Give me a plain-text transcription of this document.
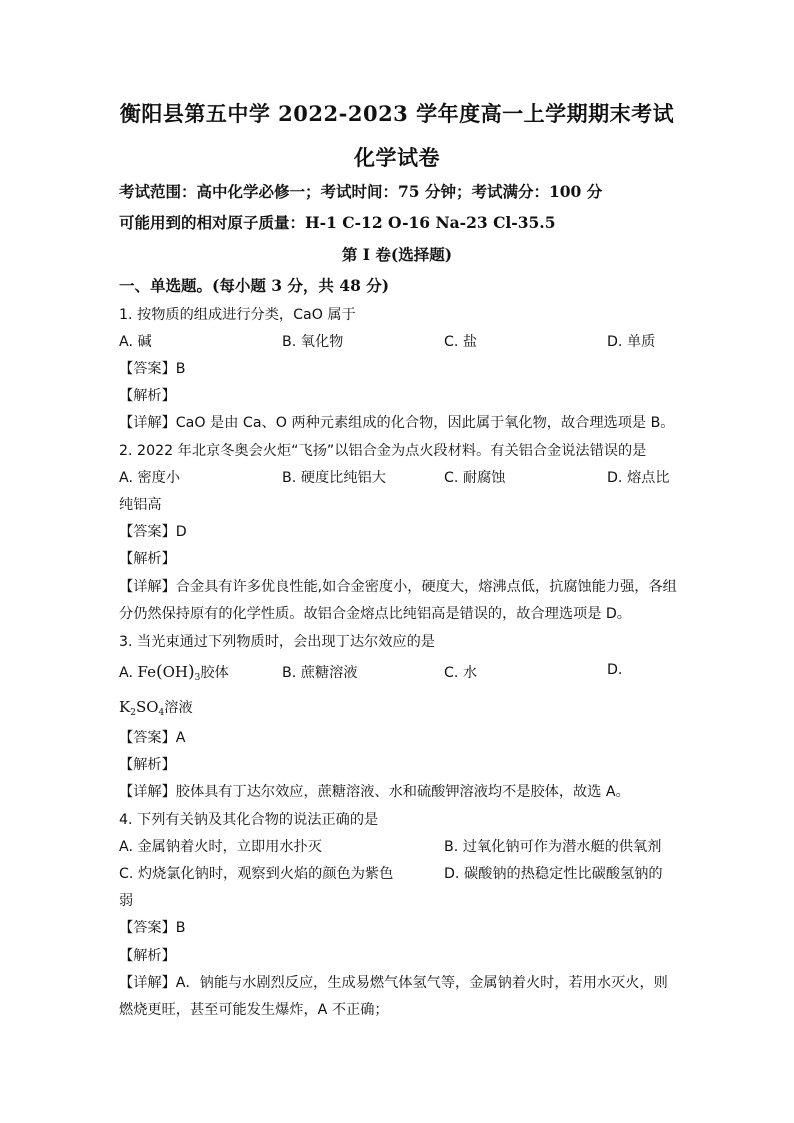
衡阳县第五中学 2022-2023 学年度高一上学期期末考试
化学试卷
考试范围：高中化学必修一；考试时间：75 分钟；考试满分：100 分
可能用到的相对原子质量：H-1 C-12 O-16 Na-23 Cl-35.5
第 I 卷(选择题)
一、单选题。(每小题 3 分，共 48 分)
1. 按物质的组成进行分类，CaO 属于
A. 碱	B. 氧化物	C. 盐	D. 单质
【答案】B
【解析】
【详解】CaO 是由 Ca、O 两种元素组成的化合物，因此属于氧化物，故合理选项是 B。
2. 2022 年北京冬奥会火炬“飞扬”以铝合金为点火段材料。有关铝合金说法错误的是
A. 密度小	B. 硬度比纯铝大	C. 耐腐蚀	D. 熔点比
纯铝高
【答案】D
【解析】
【详解】合金具有许多优良性能,如合金密度小，硬度大，熔沸点低，抗腐蚀能力强，各组
分仍然保持原有的化学性质。故铝合金熔点比纯铝高是错误的，故合理选项是 D。
3. 当光束通过下列物质时，会出现丁达尔效应的是
A. $Fe(OH)_3$胶体	B. 蔗糖溶液	C. 水	D.
$K_2SO_4$溶液
【答案】A
【解析】
【详解】胶体具有丁达尔效应，蔗糖溶液、水和硫酸钾溶液均不是胶体，故选 A。
4. 下列有关钠及其化合物的说法正确的是
A. 金属钠着火时，立即用水扑灭	B. 过氧化钠可作为潜水艇的供氧剂
C. 灼烧氯化钠时，观察到火焰的颜色为紫色	D. 碳酸钠的热稳定性比碳酸氢钠的
弱
【答案】B
【解析】
【详解】A．钠能与水剧烈反应，生成易燃气体氢气等，金属钠着火时，若用水灭火，则
燃烧更旺，甚至可能发生爆炸，A 不正确；
